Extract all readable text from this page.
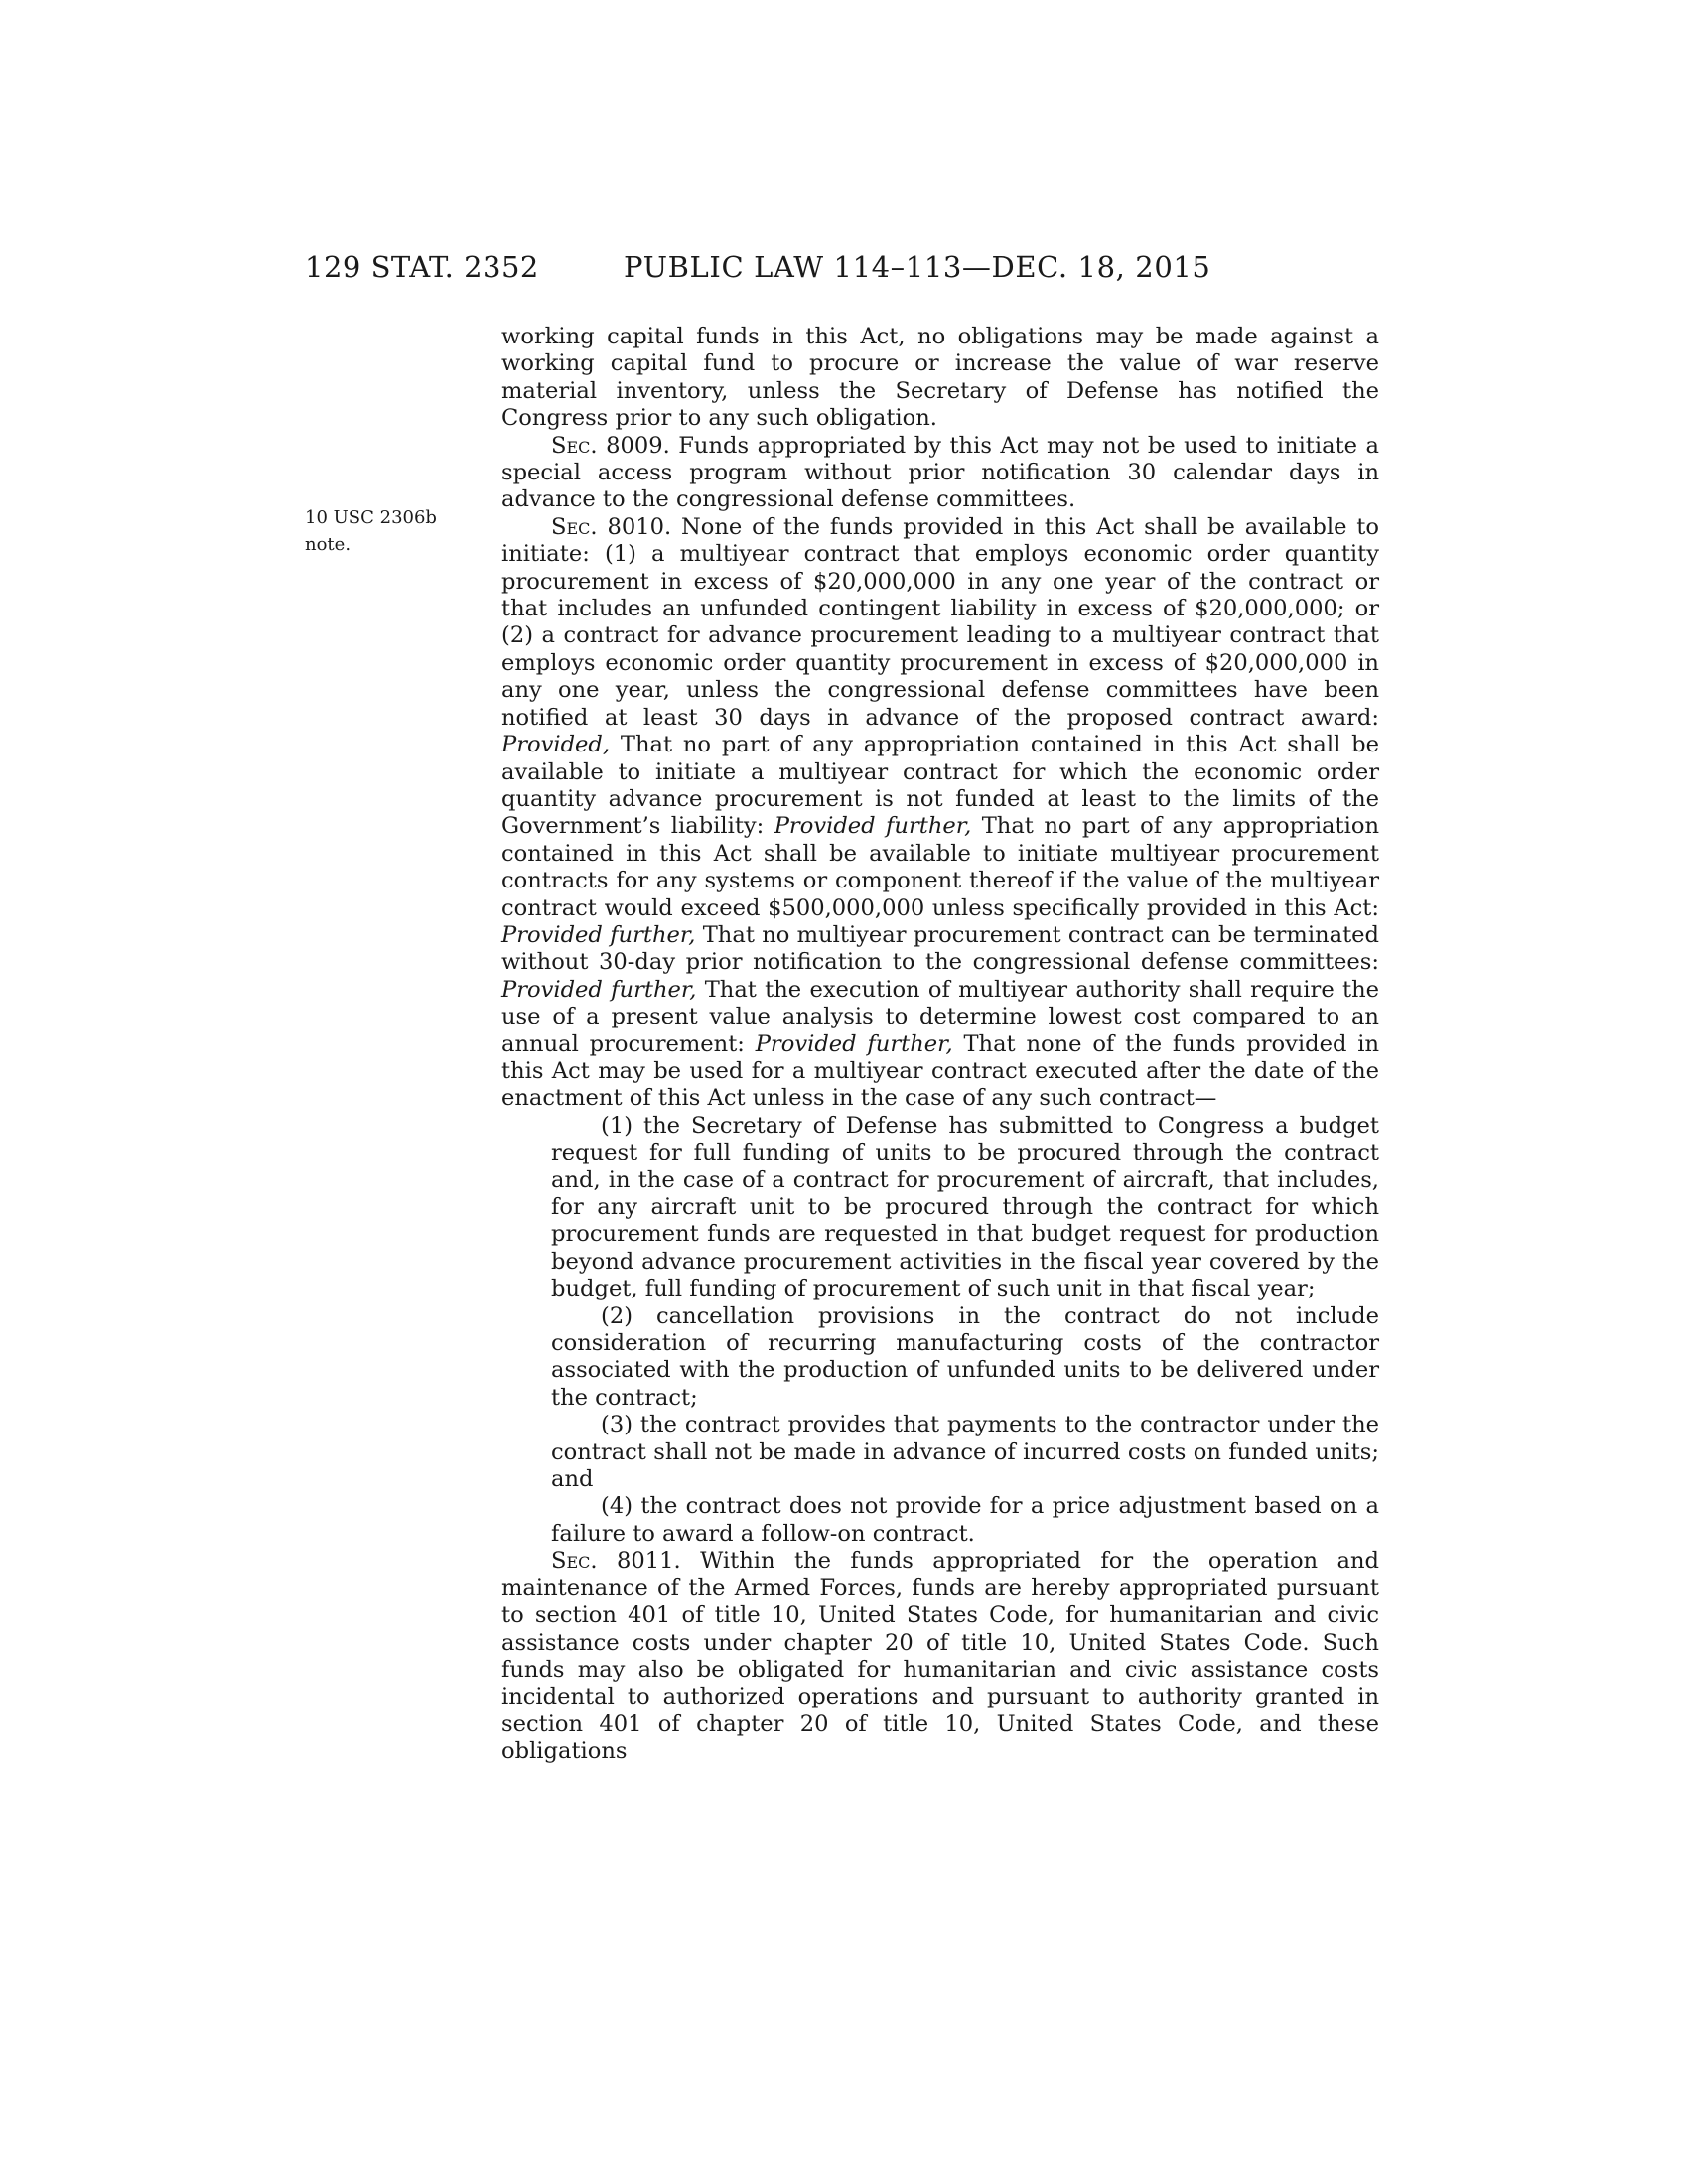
129 STAT. 2352	PUBLIC LAW 114–113—DEC. 18, 2015
10 USC 2306b
note.

working capital funds in this Act, no obligations may be made against a working capital fund to procure or increase the value of war reserve material inventory, unless the Secretary of Defense has notified the Congress prior to any such obligation.

Sec. 8009. Funds appropriated by this Act may not be used to initiate a special access program without prior notification 30 calendar days in advance to the congressional defense committees.

Sec. 8010. None of the funds provided in this Act shall be available to initiate: (1) a multiyear contract that employs economic order quantity procurement in excess of $20,000,000 in any one year of the contract or that includes an unfunded contingent liability in excess of $20,000,000; or (2) a contract for advance procurement leading to a multiyear contract that employs economic order quantity procurement in excess of $20,000,000 in any one year, unless the congressional defense committees have been notified at least 30 days in advance of the proposed contract award: Provided, That no part of any appropriation contained in this Act shall be available to initiate a multiyear contract for which the economic order quantity advance procurement is not funded at least to the limits of the Government’s liability: Provided further, That no part of any appropriation contained in this Act shall be available to initiate multiyear procurement contracts for any systems or component thereof if the value of the multiyear contract would exceed $500,000,000 unless specifically provided in this Act: Provided further, That no multiyear procurement contract can be terminated without 30-day prior notification to the congressional defense committees: Provided further, That the execution of multiyear authority shall require the use of a present value analysis to determine lowest cost compared to an annual procurement: Provided further, That none of the funds provided in this Act may be used for a multiyear contract executed after the date of the enactment of this Act unless in the case of any such contract—

(1) the Secretary of Defense has submitted to Congress a budget request for full funding of units to be procured through the contract and, in the case of a contract for procurement of aircraft, that includes, for any aircraft unit to be procured through the contract for which procurement funds are requested in that budget request for production beyond advance procurement activities in the fiscal year covered by the budget, full funding of procurement of such unit in that fiscal year;

(2) cancellation provisions in the contract do not include consideration of recurring manufacturing costs of the contractor associated with the production of unfunded units to be delivered under the contract;

(3) the contract provides that payments to the contractor under the contract shall not be made in advance of incurred costs on funded units; and

(4) the contract does not provide for a price adjustment based on a failure to award a follow-on contract.

Sec. 8011. Within the funds appropriated for the operation and maintenance of the Armed Forces, funds are hereby appropriated pursuant to section 401 of title 10, United States Code, for humanitarian and civic assistance costs under chapter 20 of title 10, United States Code. Such funds may also be obligated for humanitarian and civic assistance costs incidental to authorized operations and pursuant to authority granted in section 401 of chapter 20 of title 10, United States Code, and these obligations
